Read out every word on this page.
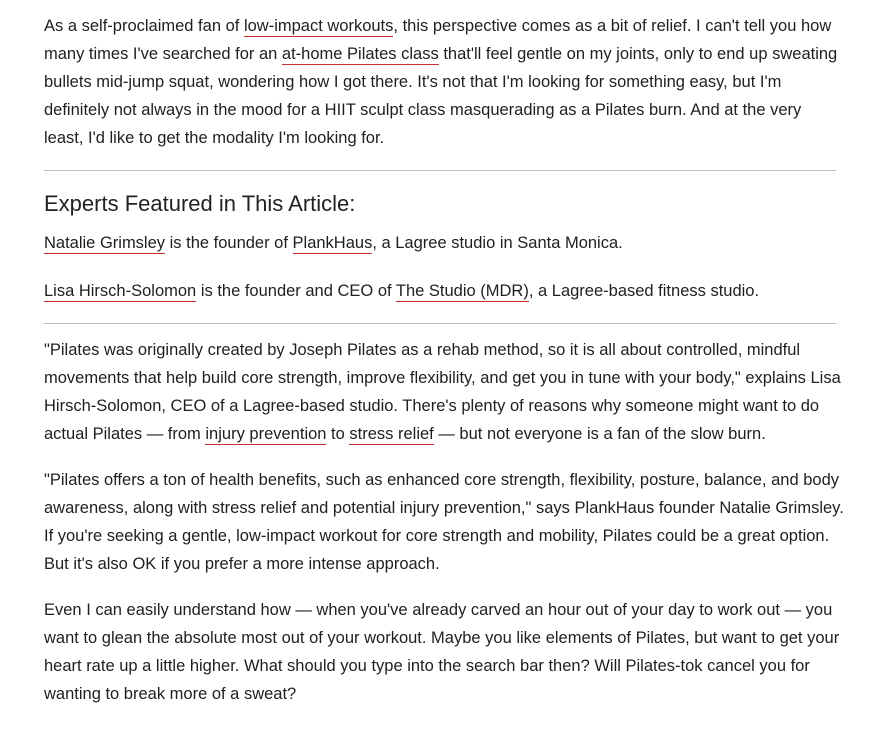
As a self-proclaimed fan of low-impact workouts, this perspective comes as a bit of relief. I can't tell you how many times I've searched for an at-home Pilates class that'll feel gentle on my joints, only to end up sweating bullets mid-jump squat, wondering how I got there. It's not that I'm looking for something easy, but I'm definitely not always in the mood for a HIIT sculpt class masquerading as a Pilates burn. And at the very least, I'd like to get the modality I'm looking for.

Experts Featured in This Article:

Natalie Grimsley is the founder of PlankHaus, a Lagree studio in Santa Monica.

Lisa Hirsch-Solomon is the founder and CEO of The Studio (MDR), a Lagree-based fitness studio.

"Pilates was originally created by Joseph Pilates as a rehab method, so it is all about controlled, mindful movements that help build core strength, improve flexibility, and get you in tune with your body," explains Lisa Hirsch-Solomon, CEO of a Lagree-based studio. There's plenty of reasons why someone might want to do actual Pilates — from injury prevention to stress relief — but not everyone is a fan of the slow burn.

"Pilates offers a ton of health benefits, such as enhanced core strength, flexibility, posture, balance, and body awareness, along with stress relief and potential injury prevention," says PlankHaus founder Natalie Grimsley. If you're seeking a gentle, low-impact workout for core strength and mobility, Pilates could be a great option. But it's also OK if you prefer a more intense approach.

Even I can easily understand how — when you've already carved an hour out of your day to work out — you want to glean the absolute most out of your workout. Maybe you like elements of Pilates, but want to get your heart rate up a little higher. What should you type into the search bar then? Will Pilates-tok cancel you for wanting to break more of a sweat?
